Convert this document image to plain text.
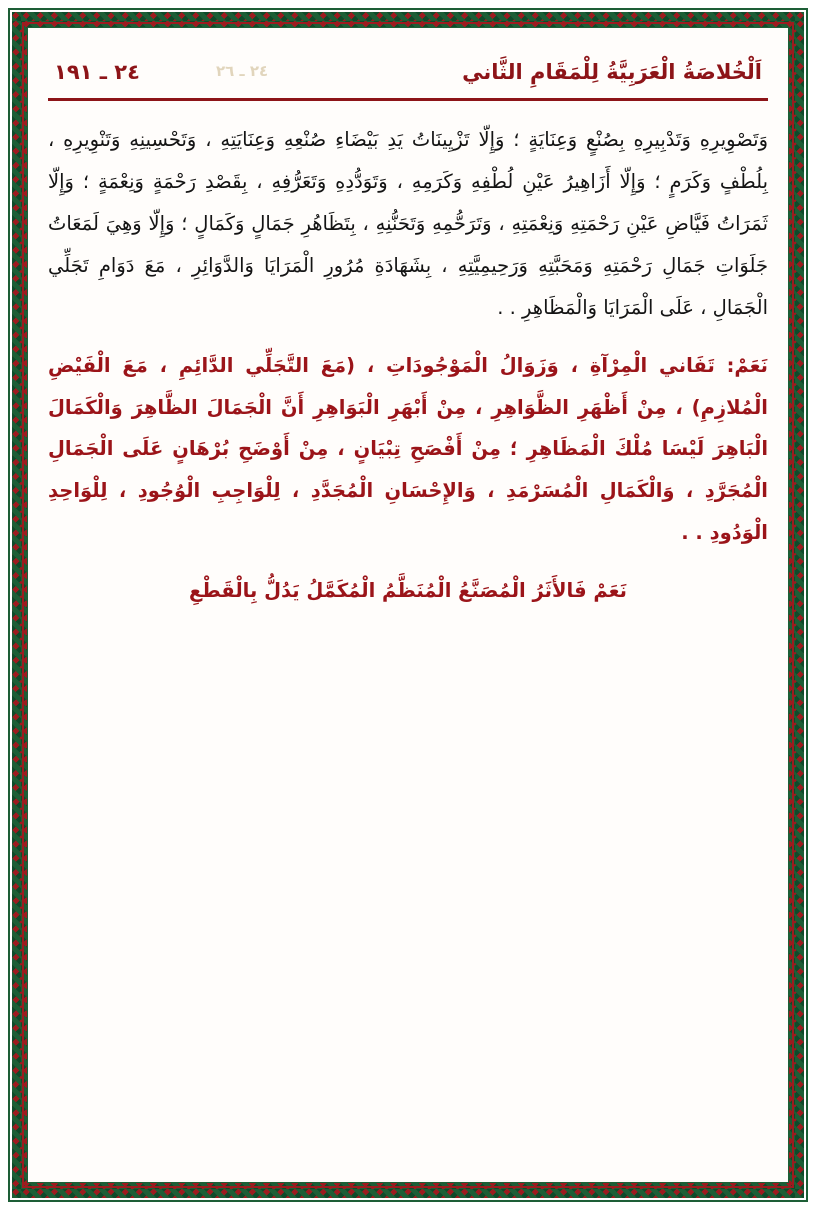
اَلْخُلاصَةُ الْعَرَبِيَّةُ لِلْمَقَامِ الثَّاني
٢٤ ـ ٢٦
٢٤ ـ ١٩١

وَتَصْوِيرِهِ وَتَدْبِيرِهِ بِصُنْعٍ وَعِنَايَةٍ ؛ وَإِلّا تَزْيِينَاتُ يَدِ بَيْضَاءِ صُنْعِهِ وَعِنَايَتِهِ ، وَتَحْسِينِهِ وَتَنْوِيرِهِ ، بِلُطْفٍ وَكَرَمٍ ؛ وَإِلّا أَزَاهِيرُ عَيْنِ لُطْفِهِ وَكَرَمِهِ ، وَتَوَدُّدِهِ وَتَعَرُّفِهِ ، بِقَصْدِ رَحْمَةٍ وَنِعْمَةٍ ؛ وَإِلّا ثَمَرَاتُ فَيَّاضِ عَيْنِ رَحْمَتِهِ وَنِعْمَتِهِ ، وَتَرَحُّمِهِ وَتَحَنُّنِهِ ، بِتَظَاهُرِ جَمَالٍ وَكَمَالٍ ؛ وَإِلّا وَهِيَ لَمَعَاتُ جَلَوَاتِ جَمَالِ رَحْمَتِهِ وَمَحَبَّتِهِ وَرَحِيمِيَّتِهِ ، بِشَهَادَةِ مُرُورِ الْمَرَايَا وَالدَّوَائِرِ ، مَعَ دَوَامِ تَجَلِّي الْجَمَالِ ، عَلَى الْمَرَايَا وَالْمَظَاهِرِ . .

نَعَمْ: تَفَاني الْمِرْآةِ ، وَزَوَالُ الْمَوْجُودَاتِ ، (مَعَ التَّجَلِّي الدَّائِمِ ، مَعَ الْفَيْضِ الْمُلازِمِ) ، مِنْ أَظْهَرِ الظَّوَاهِرِ ، مِنْ أَبْهَرِ الْبَوَاهِرِ أَنَّ الْجَمَالَ الظَّاهِرَ وَالْكَمَالَ الْبَاهِرَ لَيْسَا مُلْكَ الْمَظَاهِرِ ؛ مِنْ أَفْصَحِ تِبْيَانٍ ، مِنْ أَوْضَحِ بُرْهَانٍ عَلَى الْجَمَالِ الْمُجَرَّدِ ، وَالْكَمَالِ الْمُسَرْمَدِ ، وَالإِحْسَانِ الْمُجَدَّدِ ، لِلْوَاجِبِ الْوُجُودِ ، لِلْوَاحِدِ الْوَدُودِ . .

نَعَمْ فَالأَثَرُ الْمُصَنَّعُ الْمُنَظَّمُ الْمُكَمَّلُ يَدُلُّ بِالْقَطْعِ
